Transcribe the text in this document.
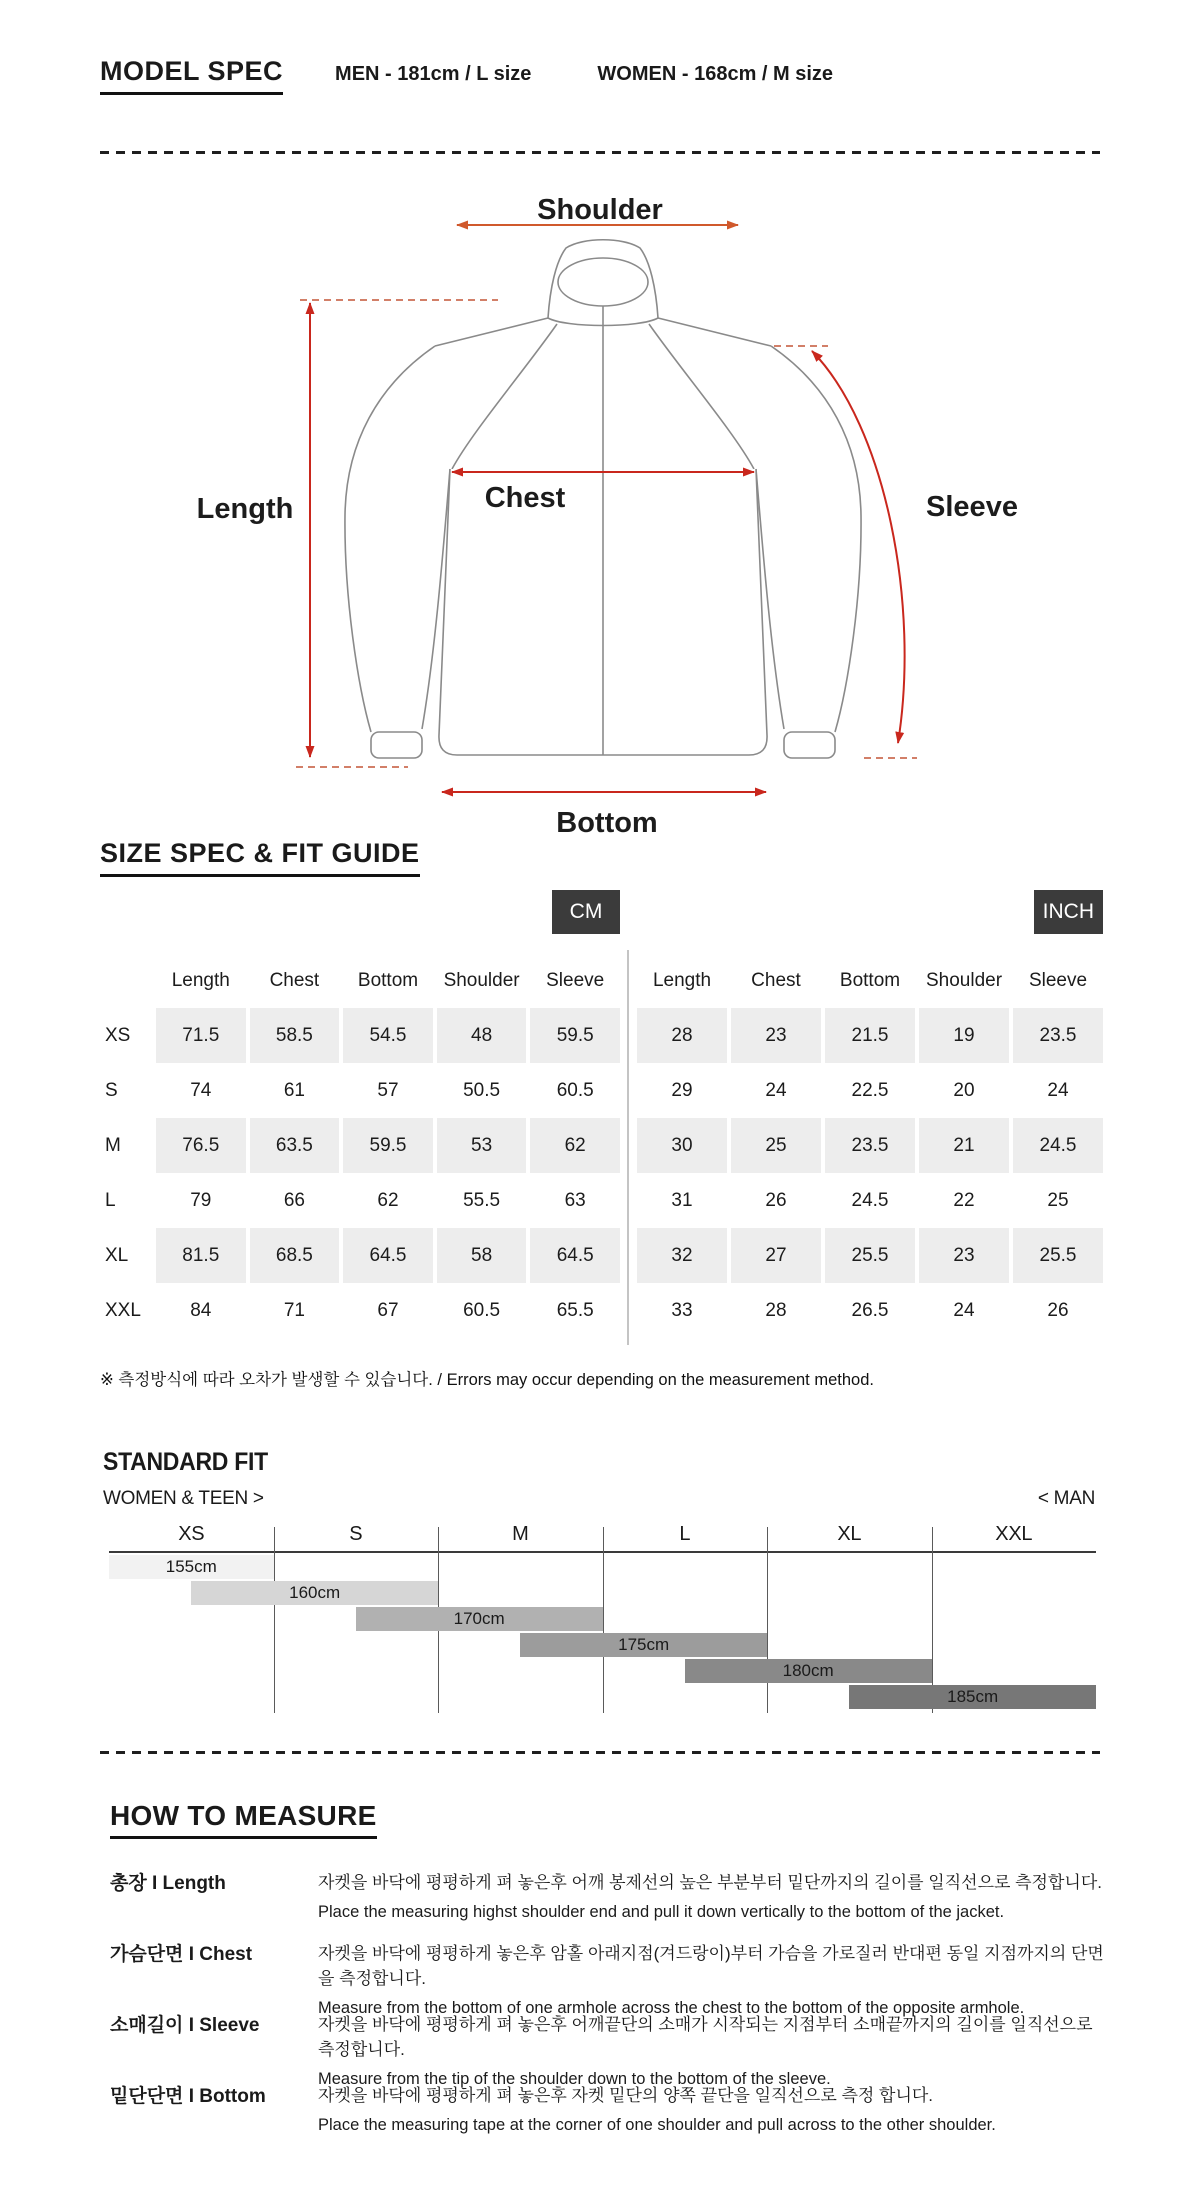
MODEL SPEC	MEN - 181cm / L size	WOMEN - 168cm / M size
Shoulder
Length	Chest	Sleeve
Bottom
SIZE SPEC & FIT GUIDE
CM
Length	Chest	Bottom	Shoulder	Sleeve
XS	71.5	58.5	54.5	48	59.5
S	74	61	57	50.5	60.5
M	76.5	63.5	59.5	53	62
L	79	66	62	55.5	63
XL	81.5	68.5	64.5	58	64.5
XXL	84	71	67	60.5	65.5
INCH
Length	Chest	Bottom	Shoulder	Sleeve
28	23	21.5	19	23.5
29	24	22.5	20	24
30	25	23.5	21	24.5
31	26	24.5	22	25
32	27	25.5	23	25.5
33	28	26.5	24	26
※ 측정방식에 따라 오차가 발생할 수 있습니다. / Errors may occur depending on the measurement method.
STANDARD FIT
WOMEN & TEEN >	< MAN
XS	S	M	L	XL	XXL
155cm
160cm
170cm
175cm
180cm
185cm
HOW TO MEASURE
총장 I Length	자켓을 바닥에 평평하게 펴 놓은후 어깨 봉제선의 높은 부분부터 밑단까지의 길이를 일직선으로 측정합니다.
Place the measuring highst shoulder end and pull it down vertically to the bottom of the jacket.
가슴단면 I Chest	자켓을 바닥에 평평하게 놓은후 암홀 아래지점(겨드랑이)부터 가슴을 가로질러 반대편 동일 지점까지의 단면을 측정합니다.
Measure from the bottom of one armhole across the chest to the bottom of the opposite armhole.
소매길이 I Sleeve	자켓을 바닥에 평평하게 펴 놓은후 어깨끝단의 소매가 시작되는 지점부터 소매끝까지의 길이를 일직선으로 측정합니다.
Measure from the tip of the shoulder down to the bottom of the sleeve.
밑단단면 I Bottom	자켓을 바닥에 평평하게 펴 놓은후 자켓 밑단의 양쪽 끝단을 일직선으로 측정 합니다.
Place the measuring tape at the corner of one shoulder and pull across to the other shoulder.
